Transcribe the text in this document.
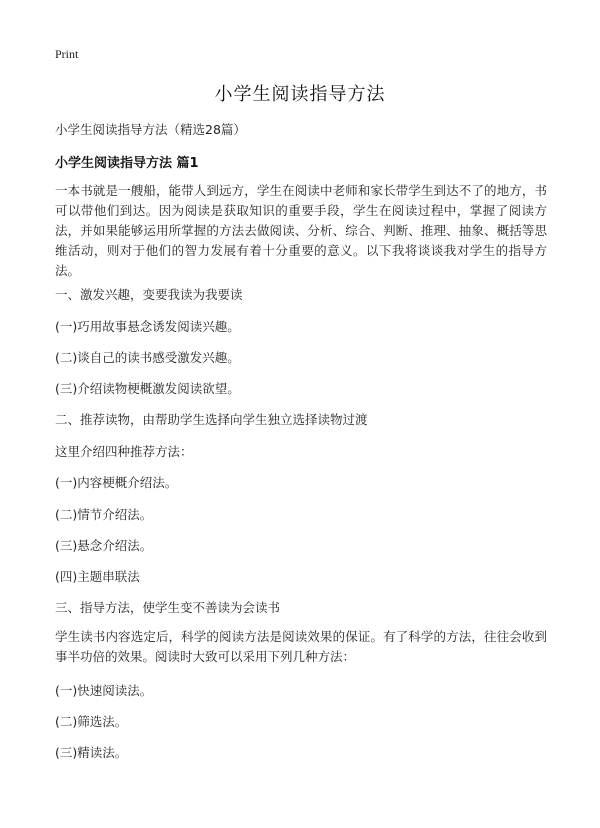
Print
小学生阅读指导方法
小学生阅读指导方法（精选28篇）
小学生阅读指导方法 篇1
一本书就是一艘船，能带人到远方，学生在阅读中老师和家长带学生到达不了的地方，书可以带他们到达。因为阅读是获取知识的重要手段，学生在阅读过程中，掌握了阅读方法，并如果能够运用所掌握的方法去做阅读、分析、综合、判断、推理、抽象、概括等思维活动，则对于他们的智力发展有着十分重要的意义。以下我将谈谈我对学生的指导方法。
一、激发兴趣，变要我读为我要读
(一)巧用故事悬念诱发阅读兴趣。
(二)谈自己的读书感受激发兴趣。
(三)介绍读物梗概激发阅读欲望。
二、推荐读物，由帮助学生选择向学生独立选择读物过渡
这里介绍四种推荐方法：
(一)内容梗概介绍法。
(二)情节介绍法。
(三)悬念介绍法。
(四)主题串联法
三、指导方法，使学生变不善读为会读书
学生读书内容选定后，科学的阅读方法是阅读效果的保证。有了科学的方法，往往会收到事半功倍的效果。阅读时大致可以采用下列几种方法：
(一)快速阅读法。
(二)筛选法。
(三)精读法。
